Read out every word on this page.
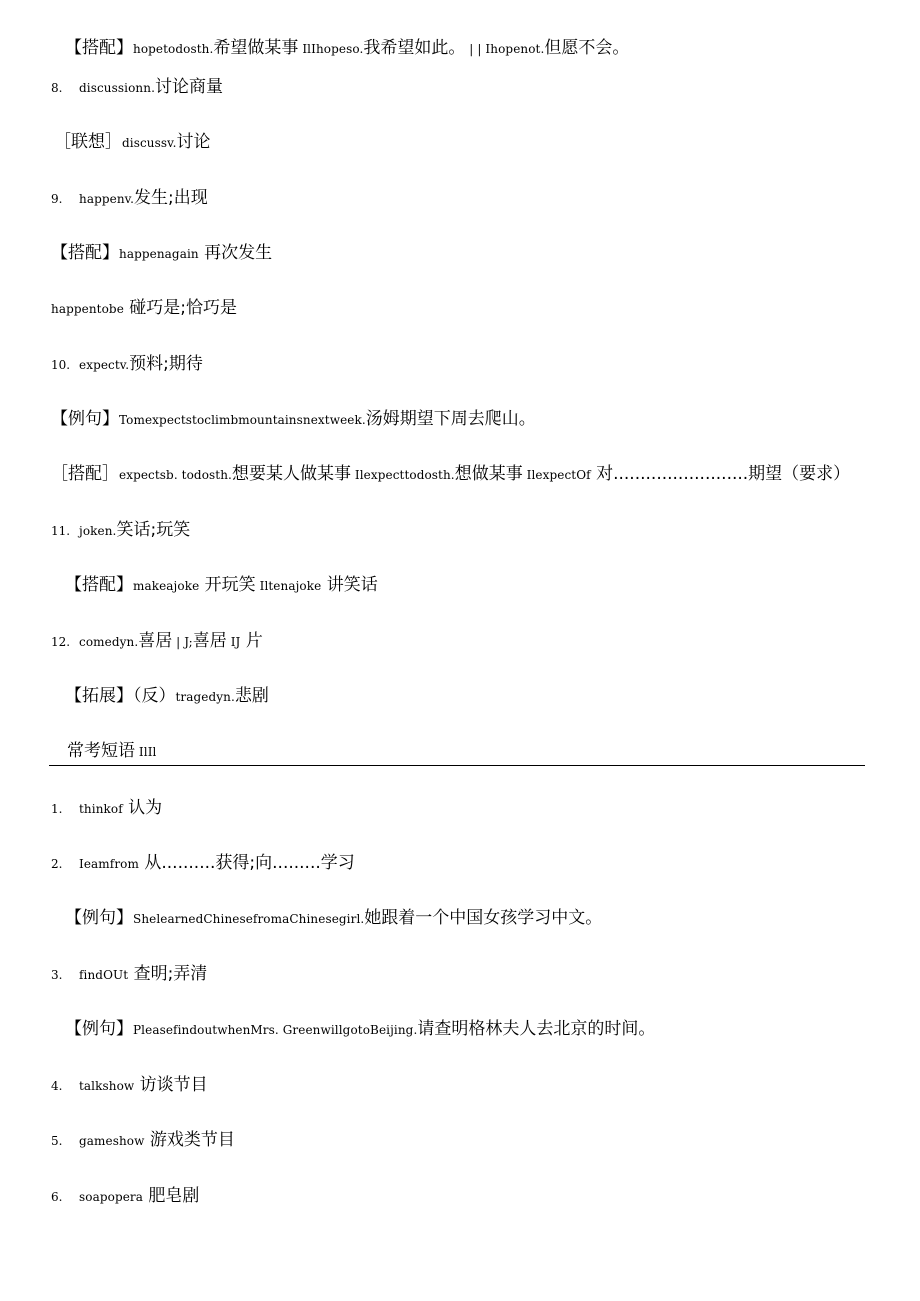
【搭配】hopetodosth.希望做某事 IlIhopeso.我希望如此。 | | Ihopenot.但愿不会。
8. discussionn.讨论商量
［联想］discussv.讨论
9. happenv.发生;出现
【搭配】happenagain 再次发生
happentobe 碰巧是;恰巧是
10. expectv.预料;期待
【例句】Tomexpectstoclimbmountainsnextweek.汤姆期望下周去爬山。
［搭配］expectsb. todosth.想要某人做某事 Ilexpecttodosth.想做某事 IlexpectOf 对.........................期望（要求）
11. joken.笑话;玩笑
【搭配】makeajoke 开玩笑 Iltenajoke 讲笑话
12. comedyn.喜居 | J;喜居 IJ 片
【拓展】（反）tragedyn.悲剧
常考短语 IlIl
1. thinkof 认为
2. Ieamfrom 从..........获得;向.........学习
【例句】ShelearnedChinesefromaChinesegirl.她跟着一个中国女孩学习中文。
3. findOUt 查明;弄清
【例句】PleasefindoutwhenMrs. GreenwillgotoBeijing.请查明格林夫人去北京的时间。
4. talkshow 访谈节目
5. gameshow 游戏类节目
6. soapopera 肥皂剧
